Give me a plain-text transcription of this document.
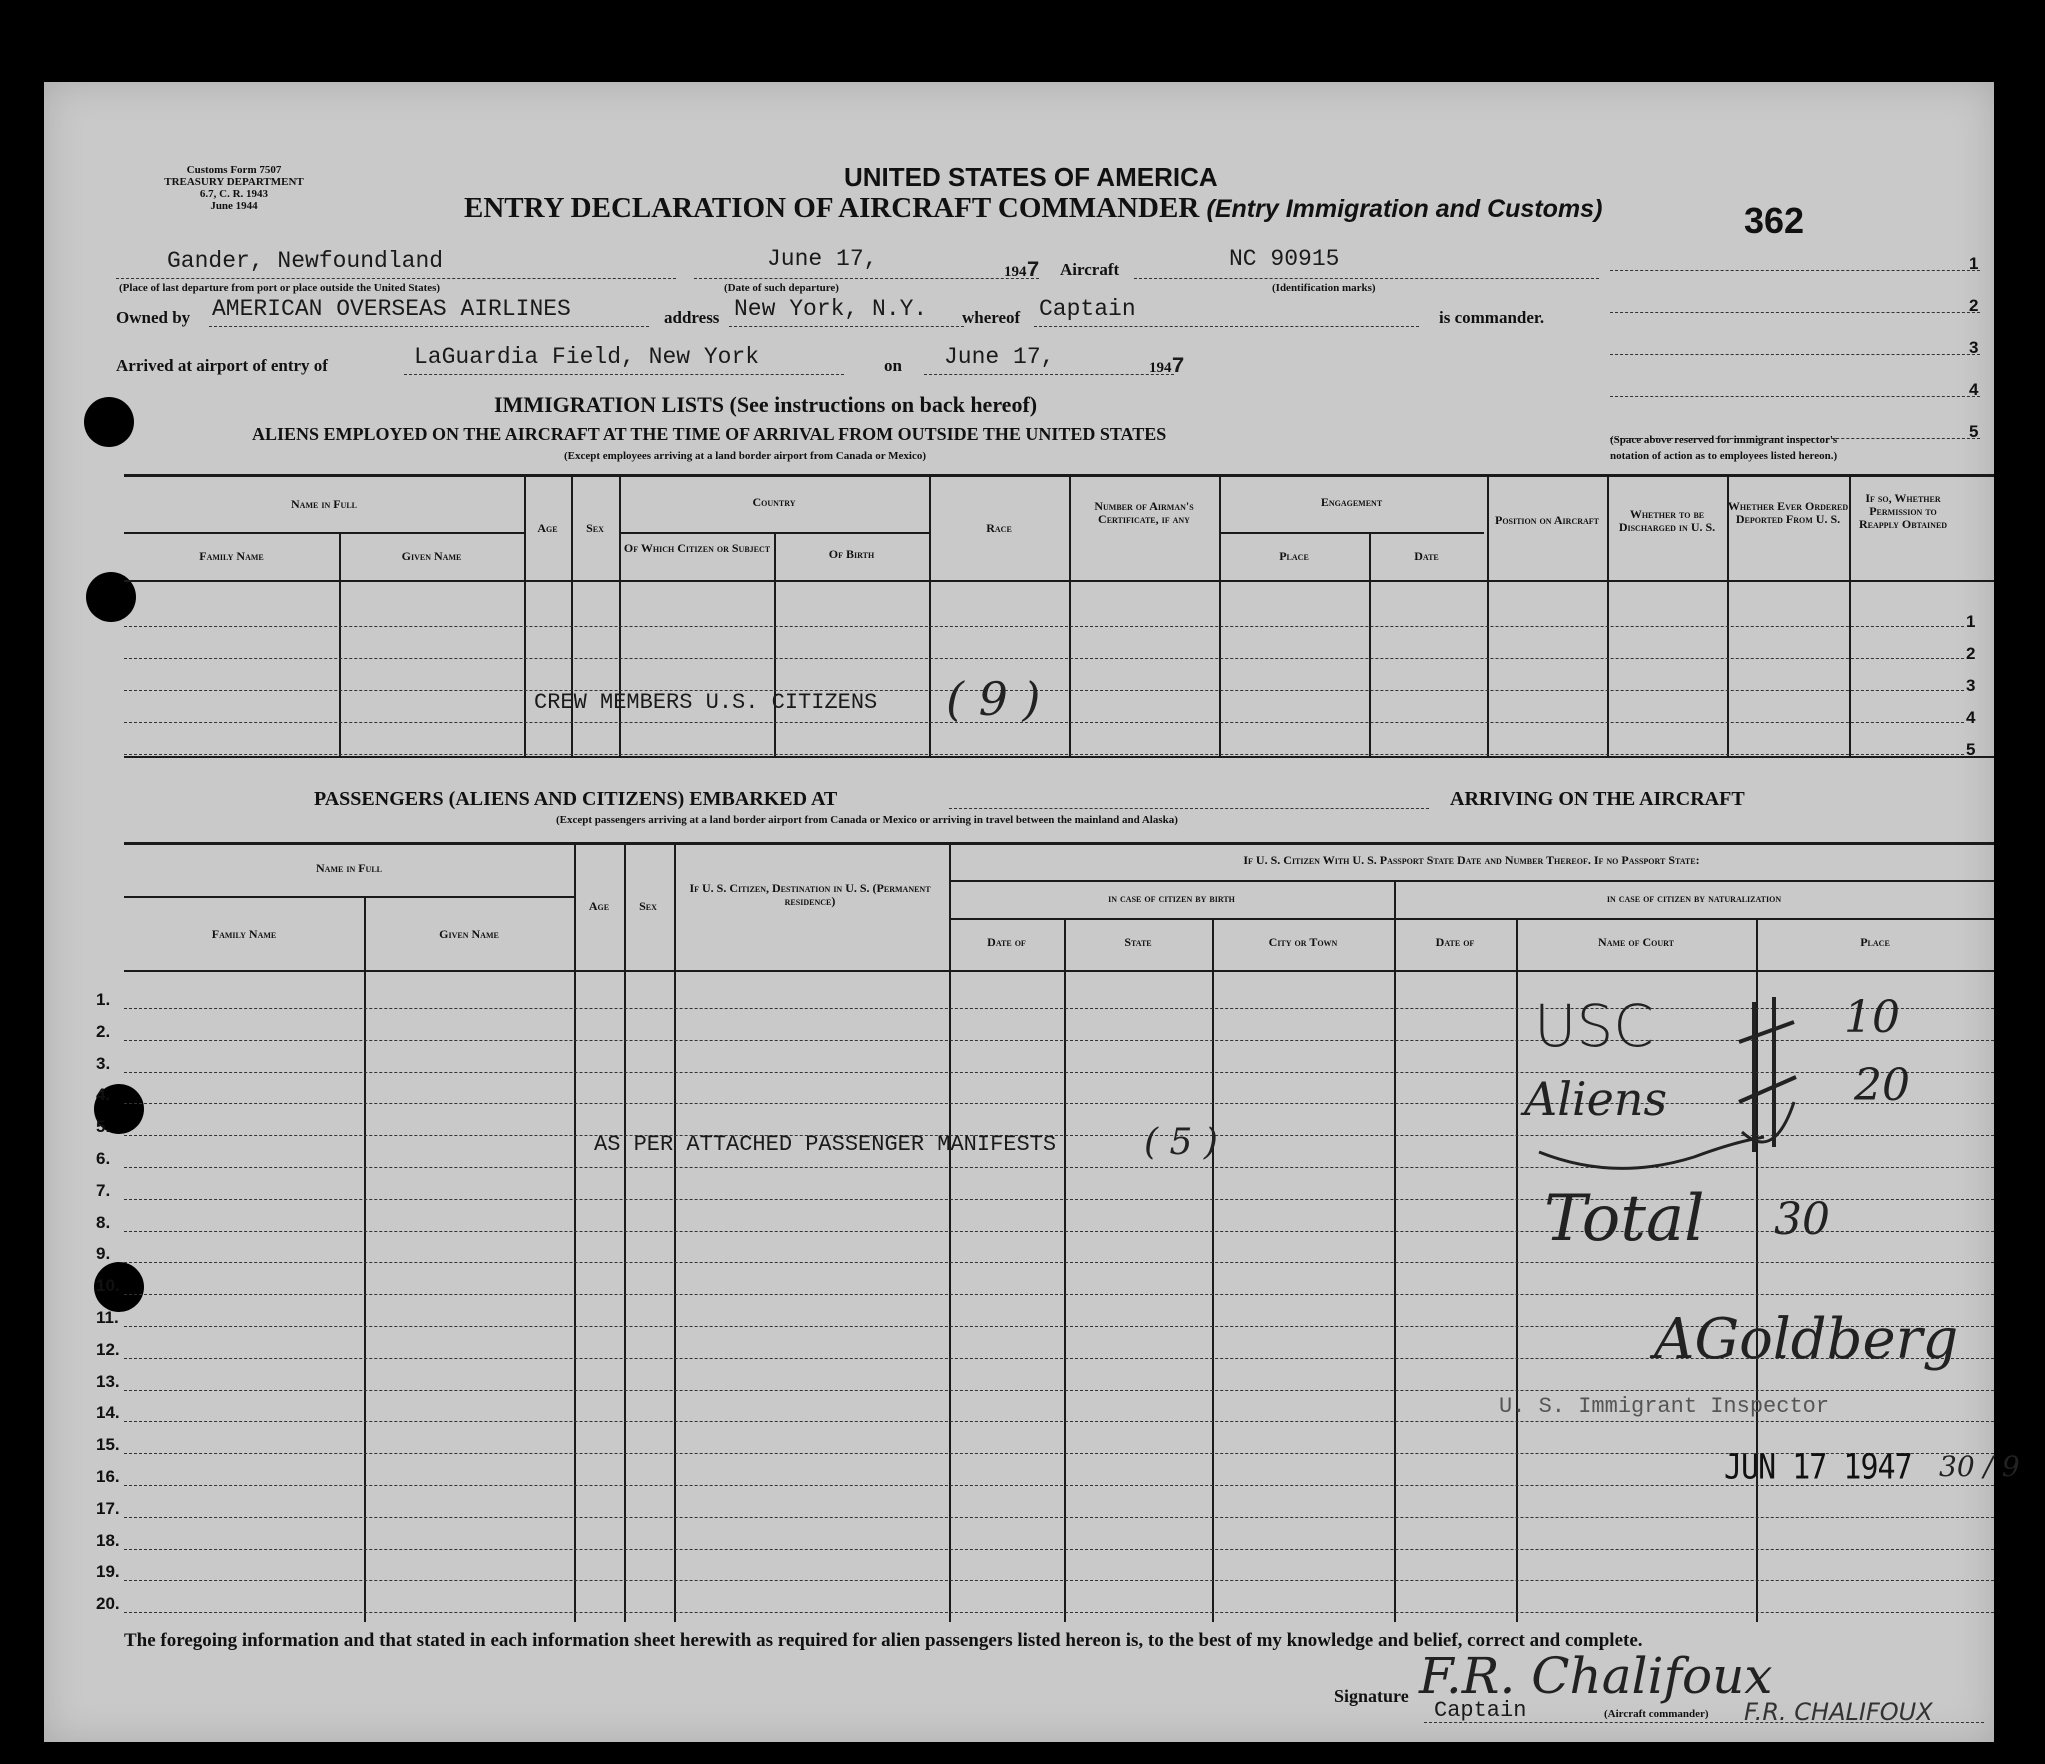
Customs Form 7507
TREASURY DEPARTMENT
6.7, C. R. 1943
June 1944
UNITED STATES OF AMERICA
ENTRY DECLARATION OF AIRCRAFT COMMANDER (Entry Immigration and Customs)	362
Gander, Newfoundland
(Place of last departure from port or place outside the United States)
June 17,	1947
(Date of such departure)
Aircraft	NC 90915
(Identification marks)
Owned by AMERICAN OVERSEAS AIRLINES	address New York, N.Y. whereof Captain	is commander.
Arrived at airport of entry of	LaGuardia Field, New York	on June 17,	1947
1
2
3
4
5
(Space above reserved for immigrant inspector's
notation of action as to employees listed hereon.)
IMMIGRATION LISTS (See instructions on back hereof)
ALIENS EMPLOYED ON THE AIRCRAFT AT THE TIME OF ARRIVAL FROM OUTSIDE THE UNITED STATES
(Except employees arriving at a land border airport from Canada or Mexico)
Name in Full
Family Name	Given Name
Age	Sex
Country
Of Which Citizen or Subject	Of Birth
Race
Number of Airman's Certificate, if any
Engagement
Place	Date
Position on Aircraft	Whether to be Discharged in U. S.
Whether Ever Ordered Deported From U. S.
If so, Whether Permission to Reapply Obtained
1
2
3
4
5
CREW MEMBERS U.S. CITIZENS ( 9 )
PASSENGERS (ALIENS AND CITIZENS) EMBARKED AT	ARRIVING ON THE AIRCRAFT
(Except passengers arriving at a land border airport from Canada or Mexico or arriving in travel between the mainland and Alaska)
Name in Full
Family Name	Given Name
Age	Sex
If U. S. Citizen, Destination in U. S. (Permanent residence)
If U. S. Citizen With U. S. Passport State Date and Number Thereof. If no Passport State:
in case of citizen by birth	in case of citizen by naturalization
Date of	State	City or Town	Date of	Name of Court	Place
1.
2.
3.
4.
5.
6.
7.
8.
9.
10.
11.
12.
13.
14.
15.
16.
17.
18.
19.
20.
AS PER ATTACHED PASSENGER MANIFESTS ( 5 )
USC	10
Aliens	20
Total 30
AGoldberg
U. S. Immigrant Inspector
JUN 17 1947 30 / 9
The foregoing information and that stated in each information sheet herewith as required for alien passengers listed hereon is, to the best of my knowledge and belief, correct and complete.
Signature F.R. Chalifoux
Captain	(Aircraft commander) F.R. CHALIFOUX
